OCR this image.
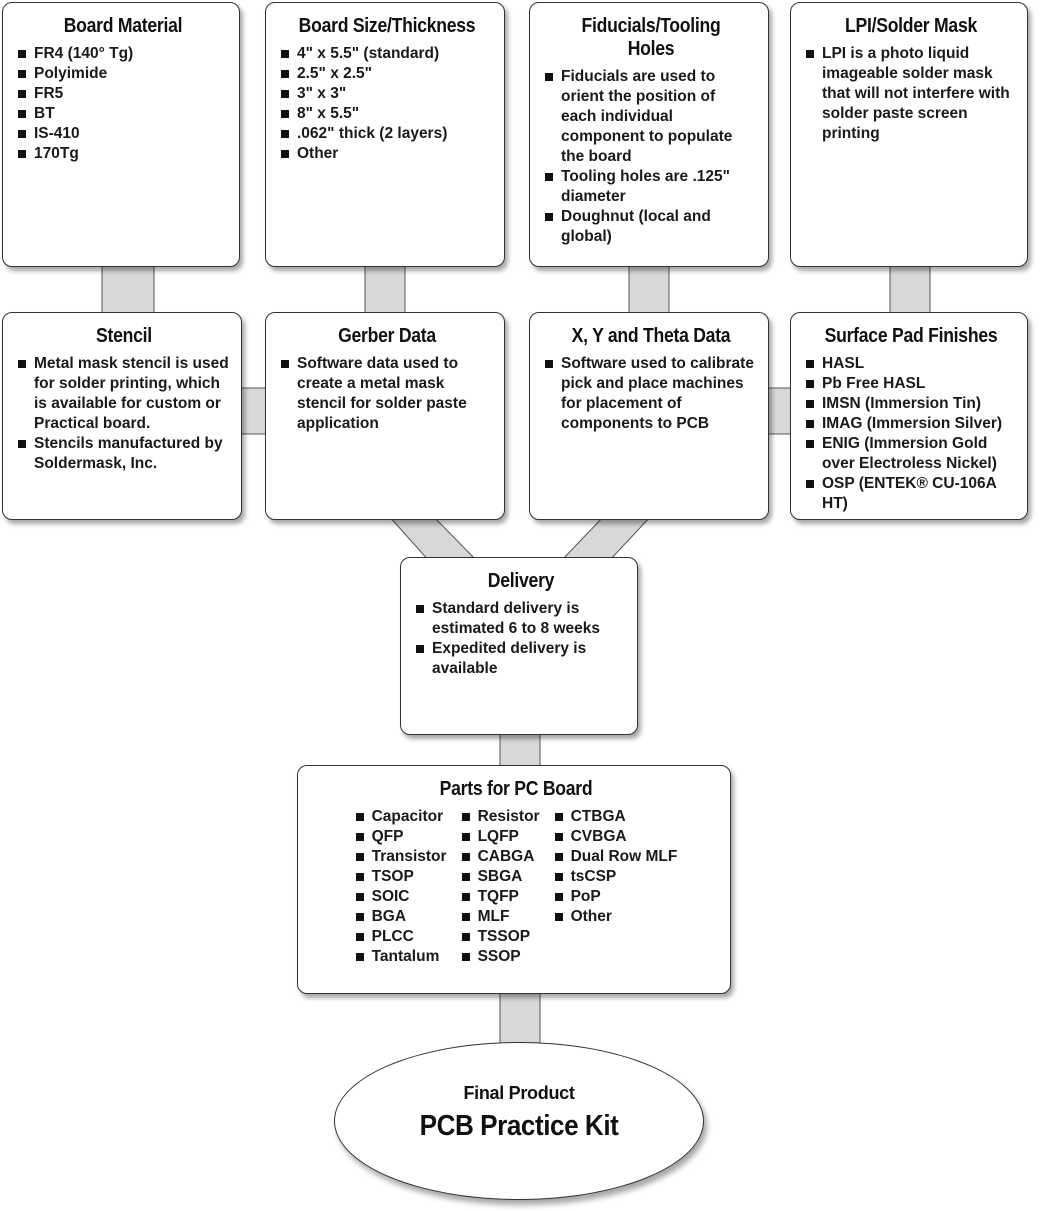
Board Material
FR4 (140° Tg)
Polyimide
FR5
BT
IS-410
170Tg
Board Size/Thickness
4" x 5.5" (standard)
2.5" x 2.5"
3" x 3"
8" x 5.5"
.062" thick (2 layers)
Other
Fiducials/Tooling Holes
Fiducials are used to orient the position of each individual component to populate the board
Tooling holes are .125" diameter
Doughnut (local and global)
LPI/Solder Mask
LPI is a photo liquid imageable solder mask that will not interfere with solder paste screen printing
Stencil
Metal mask stencil is used for solder printing, which is available for custom or Practical board.
Stencils manufactured by Soldermask, Inc.
Gerber Data
Software data used to create a metal mask stencil for solder paste application
X, Y and Theta Data
Software used to calibrate pick and place machines for placement of components to PCB
Surface Pad Finishes
HASL
Pb Free HASL
IMSN (Immersion Tin)
IMAG (Immersion Silver)
ENIG (Immersion Gold over Electroless Nickel)
OSP (ENTEK® CU-106A HT)
Delivery
Standard delivery is estimated 6 to 8 weeks
Expedited delivery is available
Parts for PC Board
Capacitor
QFP
Transistor
TSOP
SOIC
BGA
PLCC
Tantalum
Resistor
LQFP
CABGA
SBGA
TQFP
MLF
TSSOP
SSOP
CTBGA
CVBGA
Dual Row MLF
tsCSP
PoP
Other
Final Product
PCB Practice Kit
